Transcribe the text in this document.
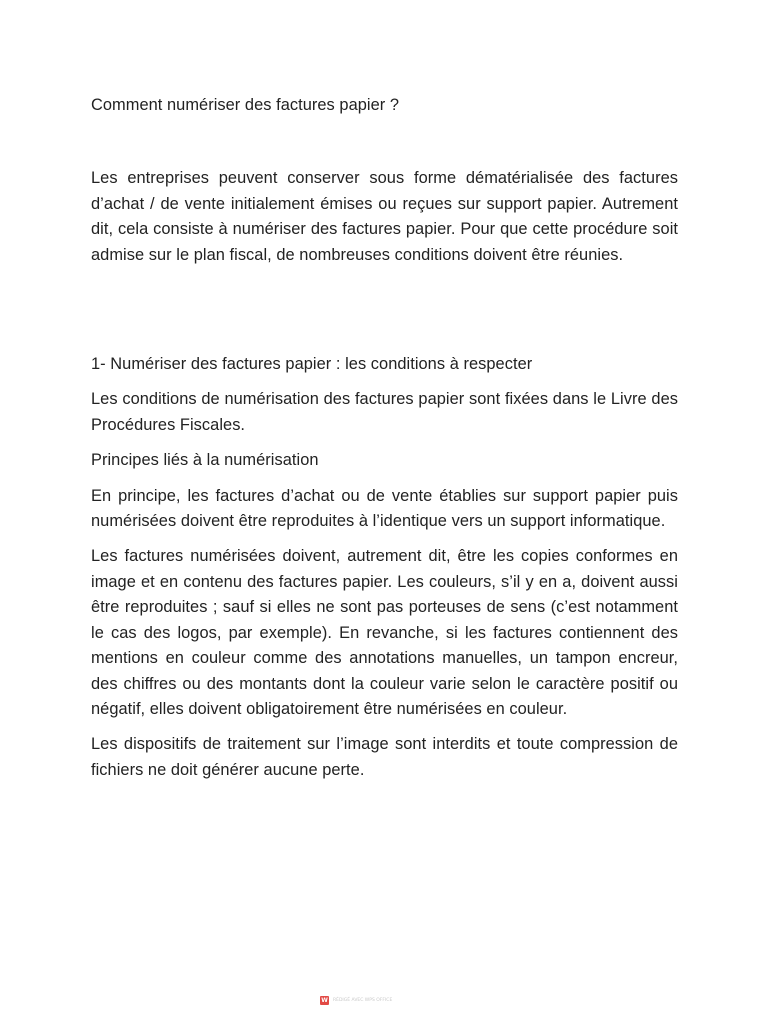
Comment numériser des factures papier ?

Les entreprises peuvent conserver sous forme dématérialisée des factures d’achat / de vente initialement émises ou reçues sur support papier. Autrement dit, cela consiste à numériser des factures papier. Pour que cette procédure soit admise sur le plan fiscal, de nombreuses conditions doivent être réunies.

1- Numériser des factures papier : les conditions à respecter

Les conditions de numérisation des factures papier sont fixées dans le Livre des Procédures Fiscales.

Principes liés à la numérisation

En principe, les factures d’achat ou de vente établies sur support papier puis numérisées doivent être reproduites à l’identique vers un support informatique.

Les factures numérisées doivent, autrement dit, être les copies conformes en image et en contenu des factures papier. Les couleurs, s’il y en a, doivent aussi être reproduites ; sauf si elles ne sont pas porteuses de sens (c’est notamment le cas des logos, par exemple). En revanche, si les factures contiennent des mentions en couleur comme des annotations manuelles, un tampon encreur, des chiffres ou des montants dont la couleur varie selon le caractère positif ou négatif, elles doivent obligatoirement être numérisées en couleur.

Les dispositifs de traitement sur l’image sont interdits et toute compression de fichiers ne doit générer aucune perte.

W RÉDIGÉ AVEC WPS OFFICE
